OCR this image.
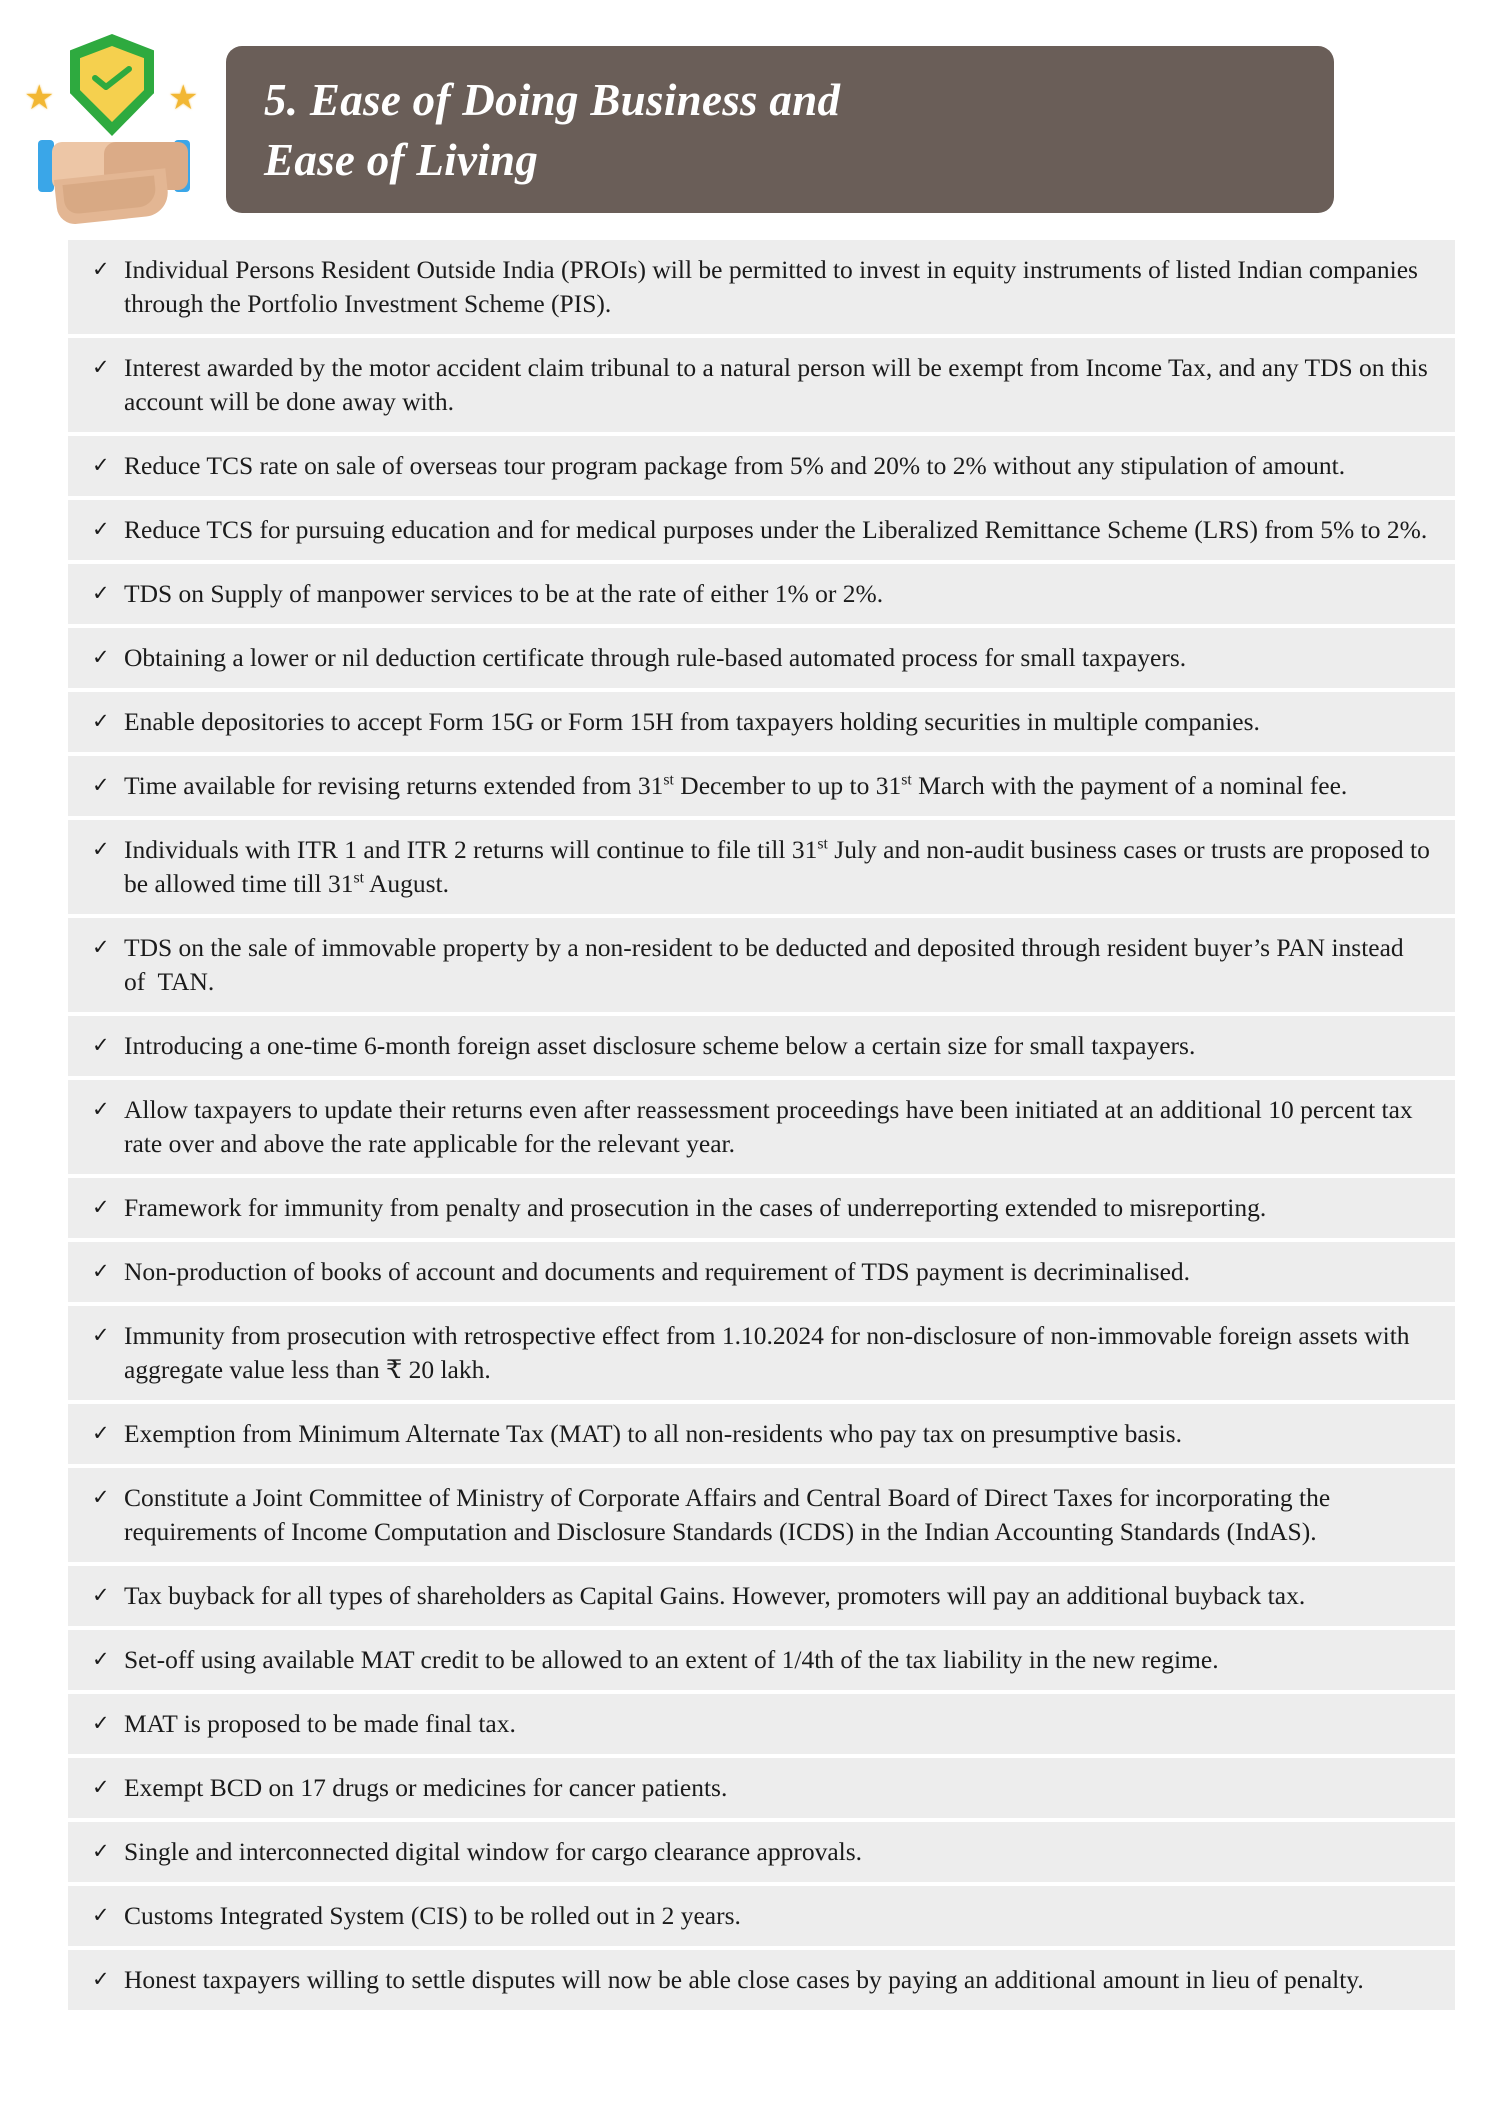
★	★ 5. Ease of Doing Business and
Ease of Living
✓ Individual Persons Resident Outside India (PROIs) will be permitted to invest in equity instruments of listed Indian companies through the Portfolio Investment Scheme (PIS).
✓ Interest awarded by the motor accident claim tribunal to a natural person will be exempt from Income Tax, and any TDS on this account will be done away with.
✓ Reduce TCS rate on sale of overseas tour program package from 5% and 20% to 2% without any stipulation of amount.
✓ Reduce TCS for pursuing education and for medical purposes under the Liberalized Remittance Scheme (LRS) from 5% to 2%.
✓ TDS on Supply of manpower services to be at the rate of either 1% or 2%.
✓ Obtaining a lower or nil deduction certificate through rule-based automated process for small taxpayers.
✓ Enable depositories to accept Form 15G or Form 15H from taxpayers holding securities in multiple companies.
✓ Time available for revising returns extended from 31st December to up to 31st March with the payment of a nominal fee.
✓ Individuals with ITR 1 and ITR 2 returns will continue to file till 31st July and non-audit business cases or trusts are proposed to be allowed time till 31st August.
✓ TDS on the sale of immovable property by a non-resident to be deducted and deposited through resident buyer’s PAN instead of  TAN.
✓ Introducing a one-time 6-month foreign asset disclosure scheme below a certain size for small taxpayers.
✓ Allow taxpayers to update their returns even after reassessment proceedings have been initiated at an additional 10 percent tax rate over and above the rate applicable for the relevant year.
✓ Framework for immunity from penalty and prosecution in the cases of underreporting extended to misreporting.
✓ Non-production of books of account and documents and requirement of TDS payment is decriminalised.
✓ Immunity from prosecution with retrospective effect from 1.10.2024 for non-disclosure of non-immovable foreign assets with aggregate value less than ₹ 20 lakh.
✓ Exemption from Minimum Alternate Tax (MAT) to all non-residents who pay tax on presumptive basis.
✓ Constitute a Joint Committee of Ministry of Corporate Affairs and Central Board of Direct Taxes for incorporating the requirements of Income Computation and Disclosure Standards (ICDS) in the Indian Accounting Standards (IndAS).
✓ Tax buyback for all types of shareholders as Capital Gains. However, promoters will pay an additional buyback tax.
✓ Set-off using available MAT credit to be allowed to an extent of 1/4th of the tax liability in the new regime.
✓ MAT is proposed to be made final tax.
✓ Exempt BCD on 17 drugs or medicines for cancer patients.
✓ Single and interconnected digital window for cargo clearance approvals.
✓ Customs Integrated System (CIS) to be rolled out in 2 years.
✓ Honest taxpayers willing to settle disputes will now be able close cases by paying an additional amount in lieu of penalty.
